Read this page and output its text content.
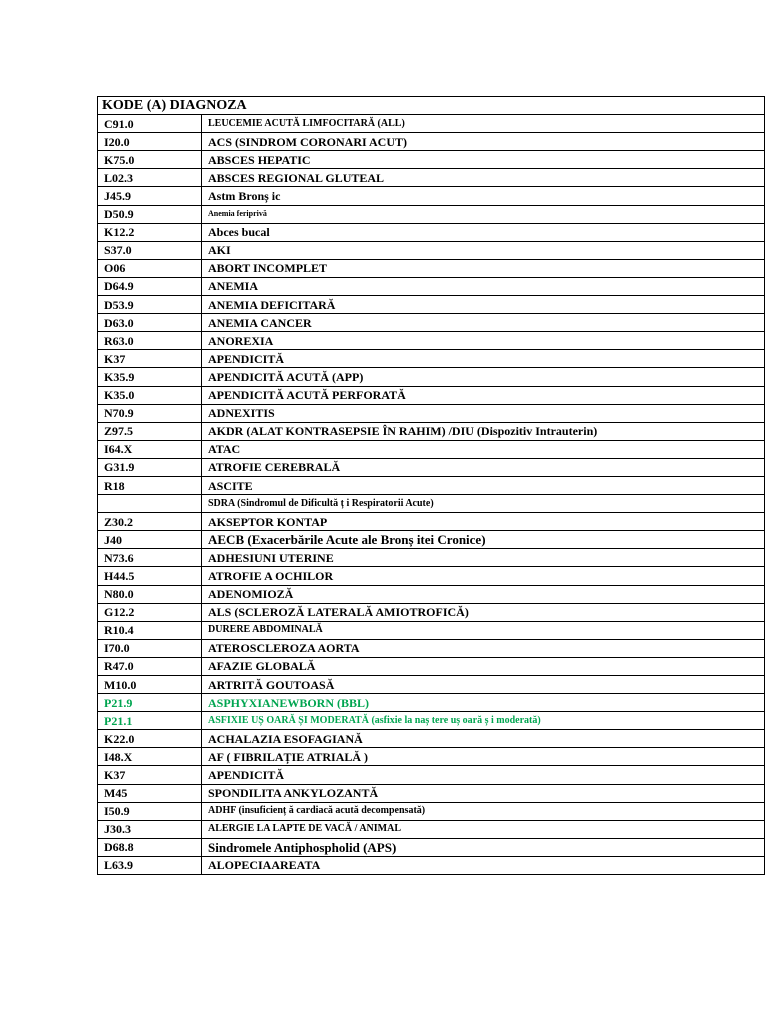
KODE (A) DIAGNOZA	
C91.0	LEUCEMIE ACUTĂ LIMFOCITARĂ (ALL)
I20.0	ACS (SINDROM CORONARI ACUT)
K75.0	ABSCES HEPATIC
L02.3	ABSCES REGIONAL GLUTEAL
J45.9	Astm Bronș ic
D50.9	Anemia feriprivă
K12.2	Abces bucal
S37.0	AKI
O06	ABORT INCOMPLET
D64.9	ANEMIA
D53.9	ANEMIA DEFICITARĂ
D63.0	ANEMIA CANCER
R63.0	ANOREXIA
K37	APENDICITĂ
K35.9	APENDICITĂ ACUTĂ (APP)
K35.0	APENDICITĂ ACUTĂ PERFORATĂ
N70.9	ADNEXITIS
Z97.5	AKDR (ALAT KONTRASEPSIE ÎN RAHIM) /DIU (Dispozitiv Intrauterin)
I64.X	ATAC
G31.9	ATROFIE CEREBRALĂ
R18	ASCITE
	SDRA (Sindromul de Dificultă ț i Respiratorii Acute)
Z30.2	AKSEPTOR KONTAP
J40	AECB (Exacerbările Acute ale Bronș itei Cronice)
N73.6	ADHESIUNI UTERINE
H44.5	ATROFIE A OCHILOR
N80.0	ADENOMIOZĂ
G12.2	ALS (SCLEROZĂ LATERALĂ AMIOTROFICĂ)
R10.4	DURERE ABDOMINALĂ
I70.0	ATEROSCLEROZA AORTA
R47.0	AFAZIE GLOBALĂ
M10.0	ARTRITĂ GOUTOASĂ
P21.9	ASPHYXIANEWBORN (BBL)
P21.1	ASFIXIE UȘ OARĂ ȘI MODERATĂ (asfixie la naș tere uș oară ș i moderată)
K22.0	ACHALAZIA ESOFAGIANĂ
I48.X	AF ( FIBRILAȚIE ATRIALĂ )
K37	APENDICITĂ
M45	SPONDILITA ANKYLOZANTĂ
I50.9	ADHF (insuficienț ă cardiacă acută decompensată)
J30.3	ALERGIE LA LAPTE DE VACĂ / ANIMAL
D68.8	Sindromele Antiphospholid (APS)
L63.9	ALOPECIAAREATA
